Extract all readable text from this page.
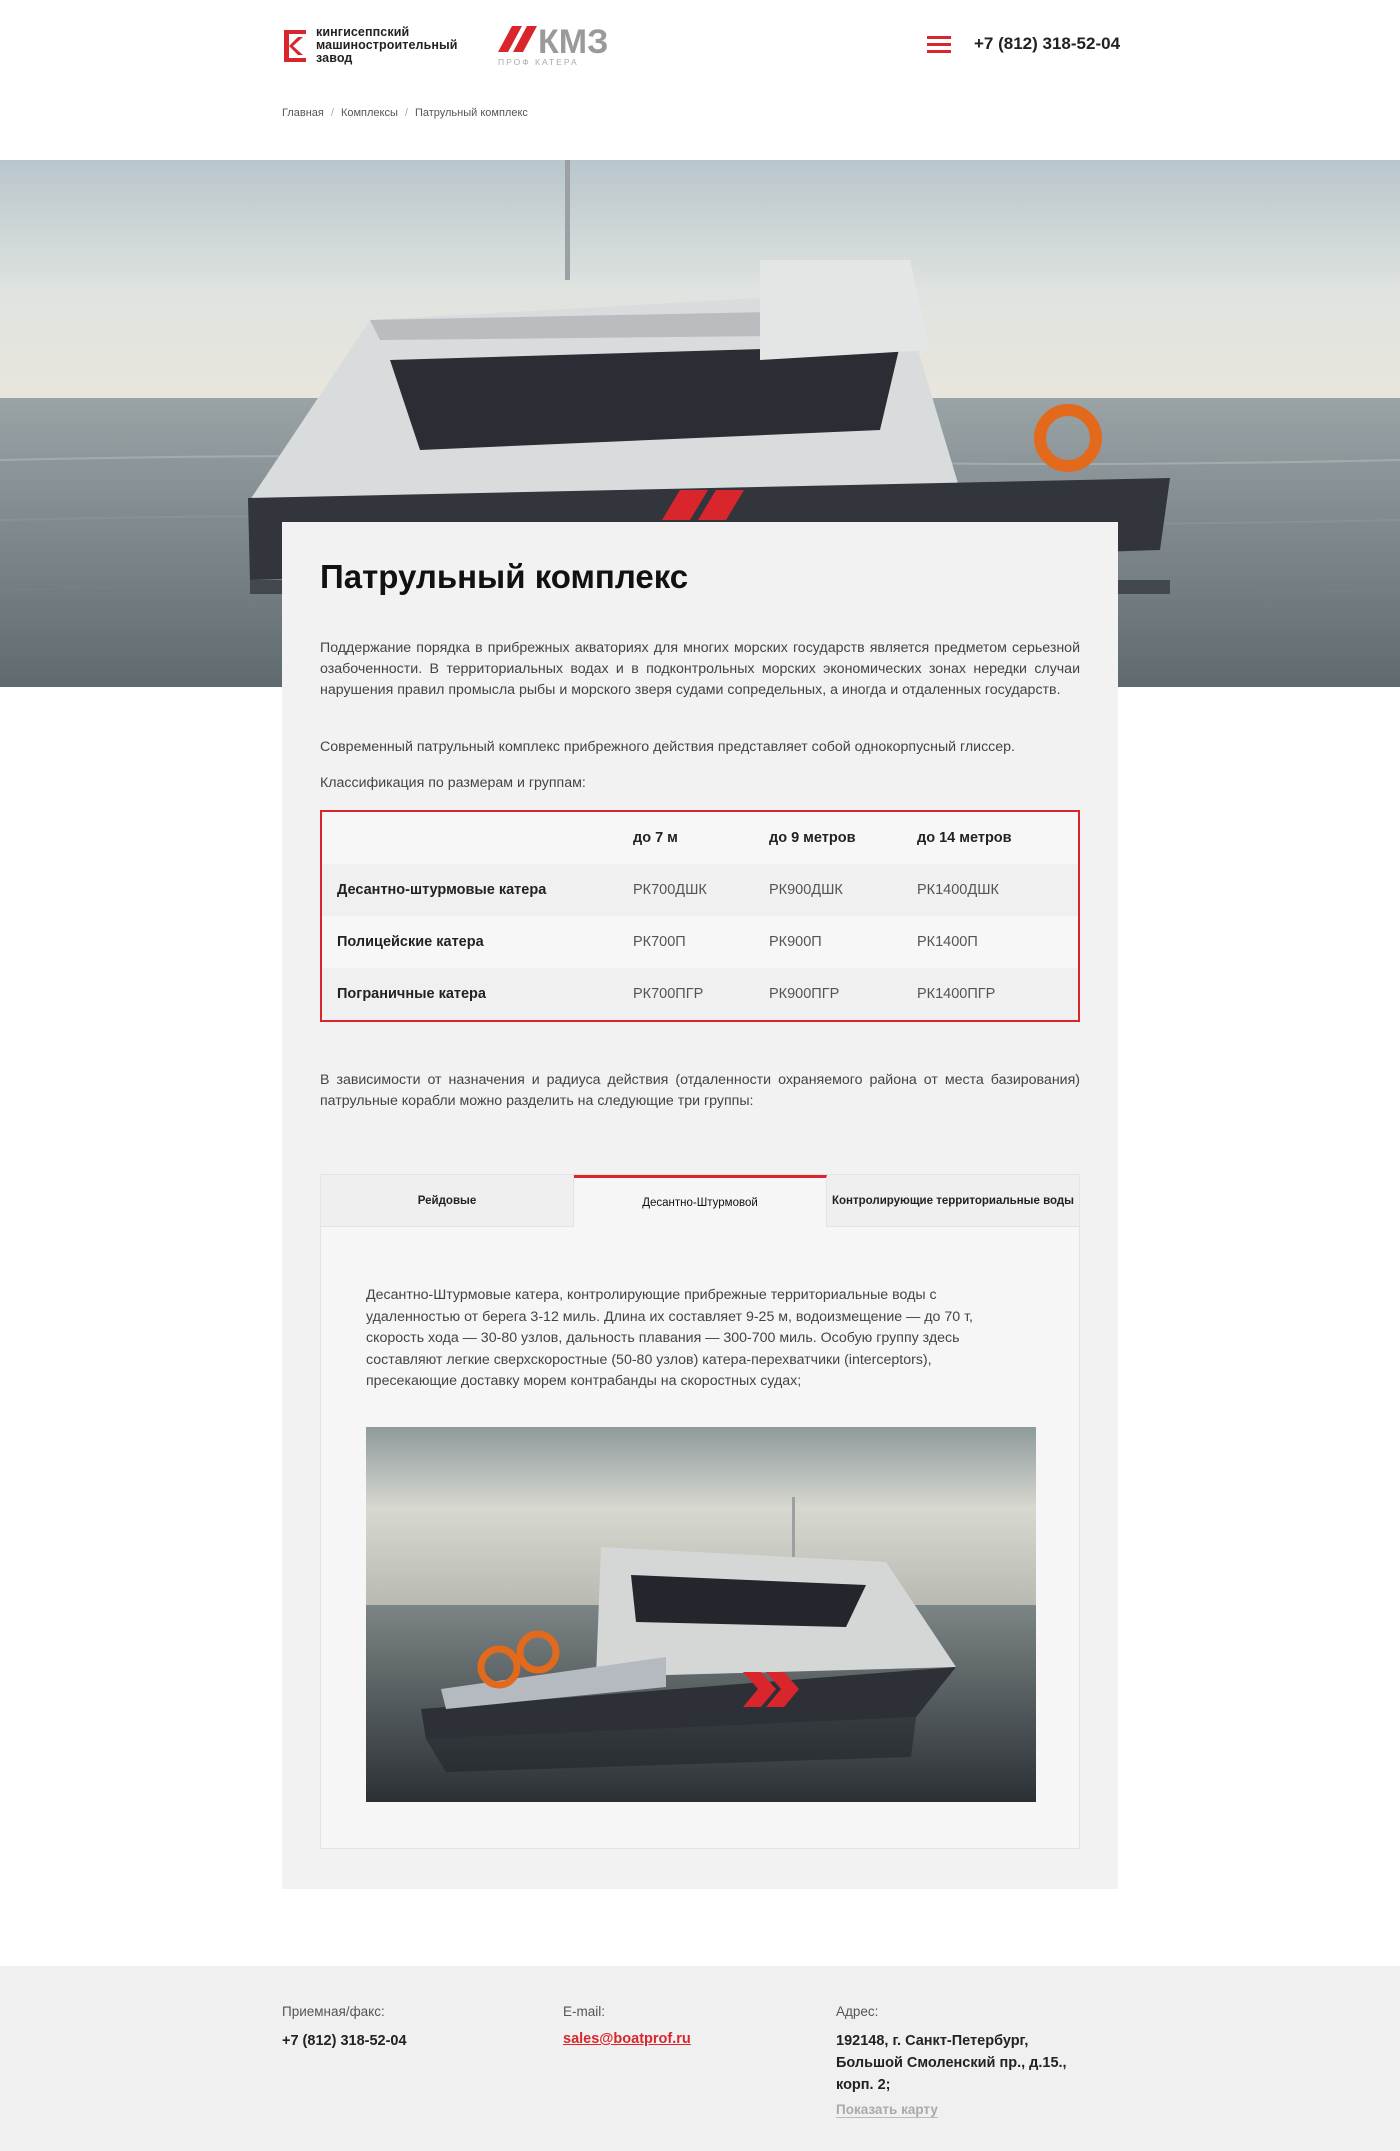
кингисеппский
машиностроительный
завод	КМЗ
ПРОФ КАТЕРА
+7 (812) 318-52-04
Главная / Комплексы / Патрульный комплекс
Патрульный комплекс

Поддержание порядка в прибрежных акваториях для многих морских государств является предметом серьезной озабоченности. В территориальных водах и в подконтрольных морских экономических зонах нередки случаи нарушения правил промысла рыбы и морского зверя судами сопредельных, а иногда и отдаленных государств.

Современный патрульный комплекс прибрежного действия представляет собой однокорпусный глиссер.

Классификация по размерам и группам:

	до 7 м	до 9 метров	до 14 метров
Десантно-штурмовые катера	РК700ДШК	РК900ДШК	РК1400ДШК
Полицейские катера	РК700П	РК900П	РК1400П
Пограничные катера	РК700ПГР	РК900ПГР	РК1400ПГР

В зависимости от назначения и радиуса действия (отдаленности охраняемого района от места базирования) патрульные корабли можно разделить на следующие три группы:

Рейдовые	Десантно-Штурмовой	Контролирующие территориальные воды

Десантно-Штурмовые катера, контролирующие прибрежные территориальные воды с удаленностью от берега 3-12 миль. Длина их составляет 9-25 м, водоизмещение — до 70 т, скорость хода — 30-80 узлов, дальность плавания — 300-700 миль. Особую группу здесь составляют легкие сверхскоростные (50-80 узлов) катера-перехватчики (interceptors), пресекающие доставку морем контрабанды на скоростных судах;

Приемная/факс:
+7 (812) 318-52-04
E-mail:
sales@boatprof.ru
Адрес:
192148, г. Санкт-Петербург,
Большой Смоленский пр., д.15.,
корп. 2;
Показать карту
